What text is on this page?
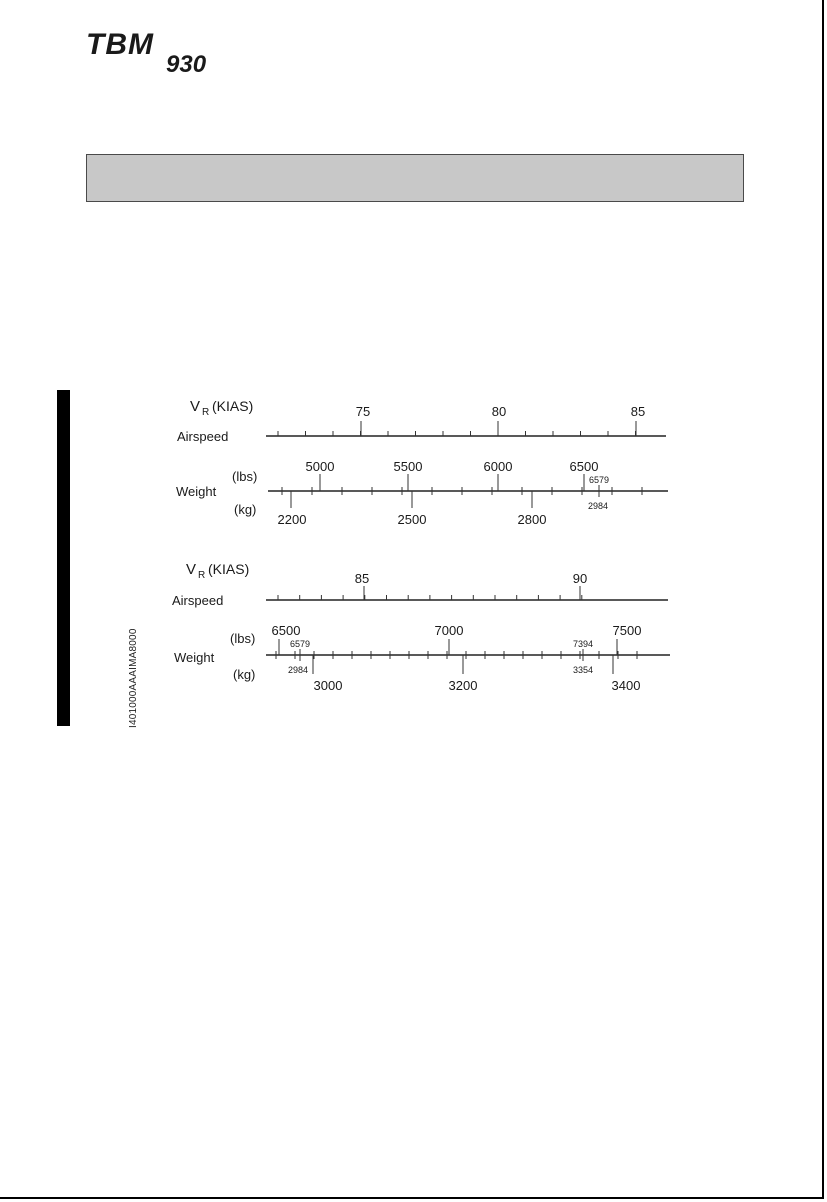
TBM
930
V R (KIAS)
Airspeed
Weight
(lbs)
(kg)
75	80	85
5000	5500	6000	6500
6579
2200	2500	2800
2984
V R (KIAS)
Airspeed
Weight
(lbs)
(kg)
85	90
6500	7000	7500
6579	7394
2984	3354
3000	3200	3400
I401000AAAIMA8000
